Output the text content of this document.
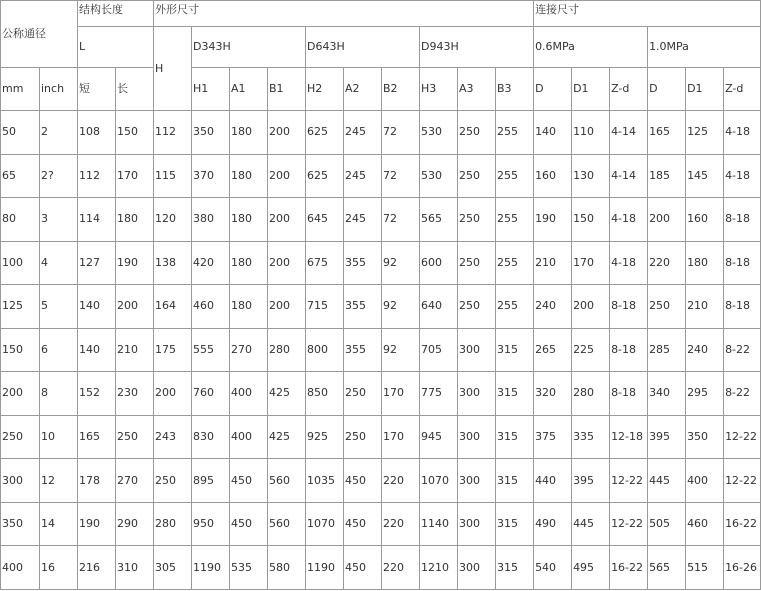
公称通径		结构长度		外形尺寸										连接尺寸					
		L		H	D343H			D643H			D943H			0.6MPa			1.0MPa		
mm	inch	短	长		H1	A1	B1	H2	A2	B2	H3	A3	B3	D	D1	Z-d	D	D1	Z-d
50	2	108	150	112	350	180	200	625	245	72	530	250	255	140	110	4-14	165	125	4-18
65	2?	112	170	115	370	180	200	625	245	72	530	250	255	160	130	4-14	185	145	4-18
80	3	114	180	120	380	180	200	645	245	72	565	250	255	190	150	4-18	200	160	8-18
100	4	127	190	138	420	180	200	675	355	92	600	250	255	210	170	4-18	220	180	8-18
125	5	140	200	164	460	180	200	715	355	92	640	250	255	240	200	8-18	250	210	8-18
150	6	140	210	175	555	270	280	800	355	92	705	300	315	265	225	8-18	285	240	8-22
200	8	152	230	200	760	400	425	850	250	170	775	300	315	320	280	8-18	340	295	8-22
250	10	165	250	243	830	400	425	925	250	170	945	300	315	375	335	12-18	395	350	12-22
300	12	178	270	250	895	450	560	1035	450	220	1070	300	315	440	395	12-22	445	400	12-22
350	14	190	290	280	950	450	560	1070	450	220	1140	300	315	490	445	12-22	505	460	16-22
400	16	216	310	305	1190	535	580	1190	450	220	1210	300	315	540	495	16-22	565	515	16-26
